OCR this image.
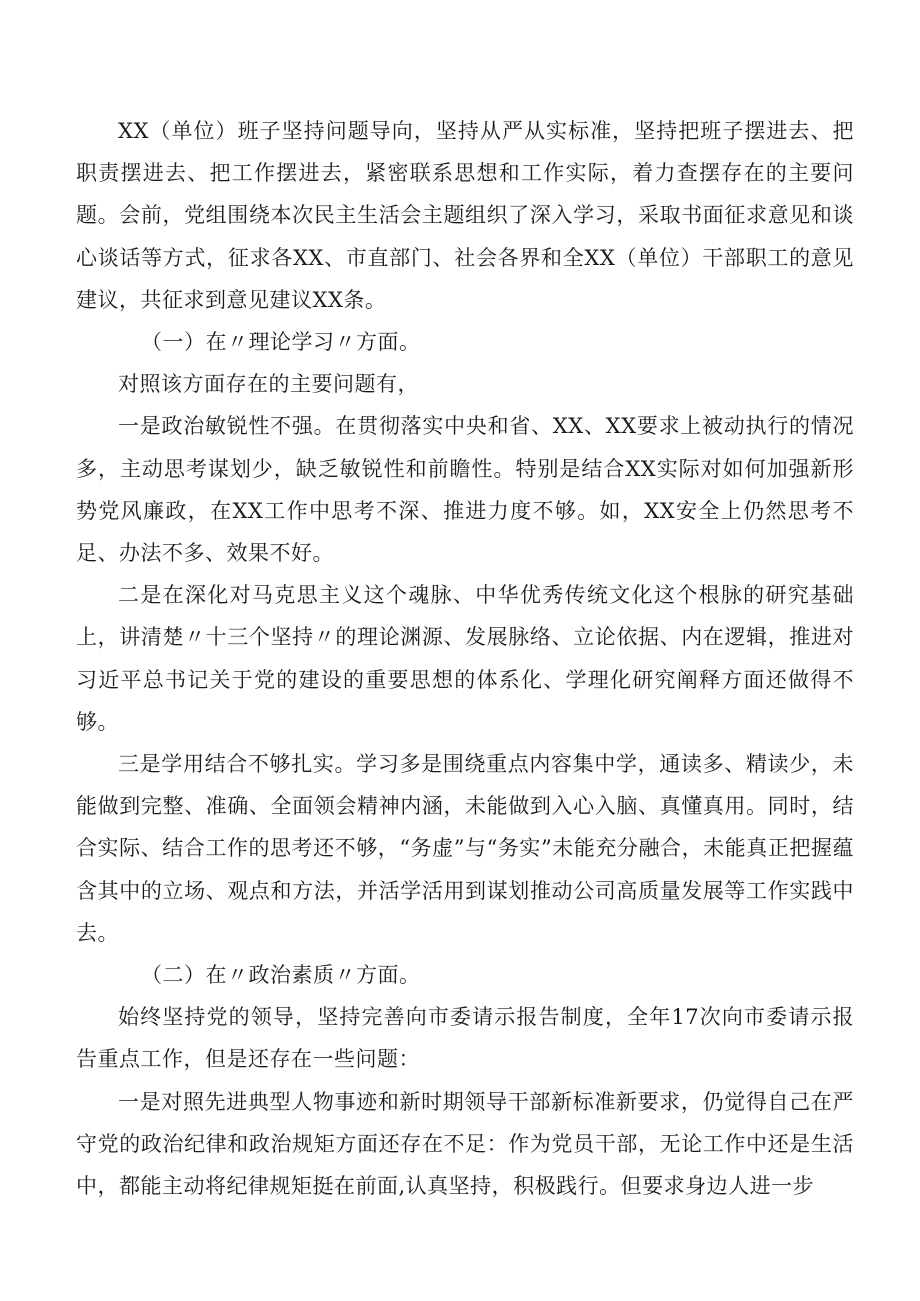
XX（单位）班子坚持问题导向，坚持从严从实标准，坚持把班子摆进去、把职责摆进去、把工作摆进去，紧密联系思想和工作实际，着力查摆存在的主要问题。会前，党组围绕本次民主生活会主题组织了深入学习，采取书面征求意见和谈心谈话等方式，征求各XX、市直部门、社会各界和全XX（单位）干部职工的意见建议，共征求到意见建议XX条。

（一）在〃理论学习〃方面。

对照该方面存在的主要问题有，

一是政治敏锐性不强。在贯彻落实中央和省、XX、XX要求上被动执行的情况多，主动思考谋划少，缺乏敏锐性和前瞻性。特别是结合XX实际对如何加强新形势党风廉政，在XX工作中思考不深、推进力度不够。如，XX安全上仍然思考不足、办法不多、效果不好。

二是在深化对马克思主义这个魂脉、中华优秀传统文化这个根脉的研究基础上，讲清楚〃十三个坚持〃的理论渊源、发展脉络、立论依据、内在逻辑，推进对习近平总书记关于党的建设的重要思想的体系化、学理化研究阐释方面还做得不够。

三是学用结合不够扎实。学习多是围绕重点内容集中学，通读多、精读少，未能做到完整、准确、全面领会精神内涵，未能做到入心入脑、真懂真用。同时，结合实际、结合工作的思考还不够，“务虚”与“务实”未能充分融合，未能真正把握蕴含其中的立场、观点和方法，并活学活用到谋划推动公司高质量发展等工作实践中去。

（二）在〃政治素质〃方面。

始终坚持党的领导，坚持完善向市委请示报告制度，全年17次向市委请示报告重点工作，但是还存在一些问题：

一是对照先进典型人物事迹和新时期领导干部新标准新要求，仍觉得自己在严守党的政治纪律和政治规矩方面还存在不足：作为党员干部，无论工作中还是生活中，都能主动将纪律规矩挺在前面,认真坚持，积极践行。但要求身边人进一步
